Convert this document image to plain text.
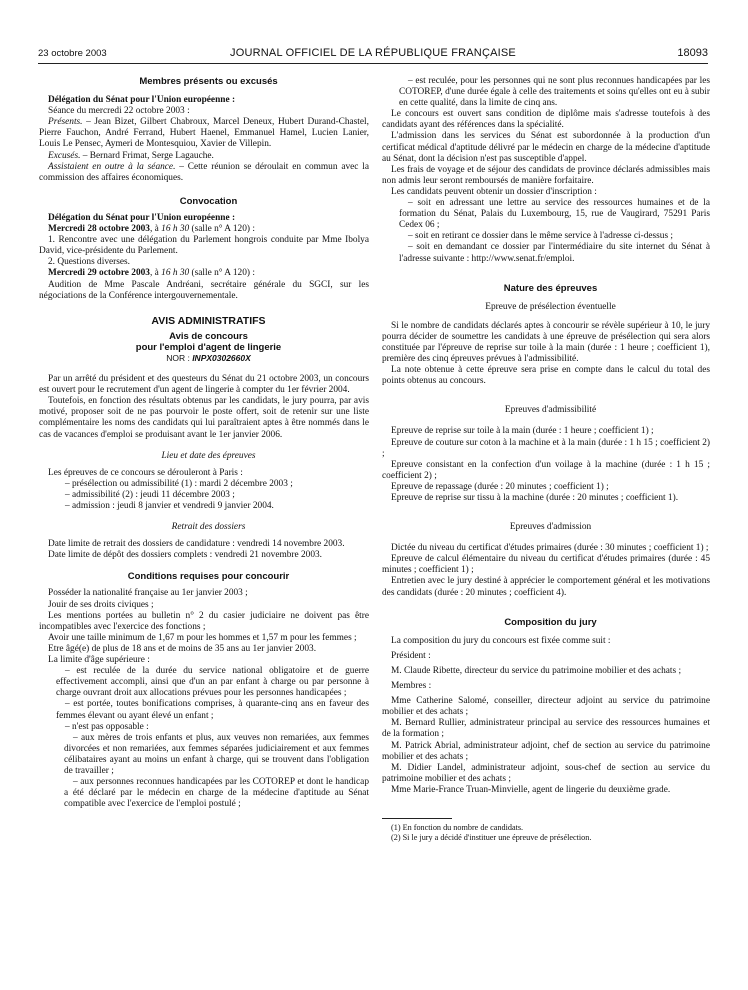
23 octobre 2003	JOURNAL OFFICIEL DE LA RÉPUBLIQUE FRANÇAISE	18093

Membres présents ou excusés

Délégation du Sénat pour l'Union européenne :

Séance du mercredi 22 octobre 2003 :

Présents. – Jean Bizet, Gilbert Chabroux, Marcel Deneux, Hubert Durand-Chastel, Pierre Fauchon, André Ferrand, Hubert Haenel, Emmanuel Hamel, Lucien Lanier, Louis Le Pensec, Aymeri de Montesquiou, Xavier de Villepin.

Excusés. – Bernard Frimat, Serge Lagauche.

Assistaient en outre à la séance. – Cette réunion se déroulait en commun avec la commission des affaires économiques.

Convocation

Délégation du Sénat pour l'Union européenne :

Mercredi 28 octobre 2003, à 16 h 30 (salle n° A 120) :

1. Rencontre avec une délégation du Parlement hongrois conduite par Mme Ibolya David, vice-présidente du Parlement.

2. Questions diverses.

Mercredi 29 octobre 2003, à 16 h 30 (salle n° A 120) :

Audition de Mme Pascale Andréani, secrétaire générale du SGCI, sur les négociations de la Conférence intergouvernementale.

AVIS ADMINISTRATIFS

Avis de concours

pour l'emploi d'agent de lingerie

NOR : INPX0302660X

Par un arrêté du président et des questeurs du Sénat du 21 octobre 2003, un concours est ouvert pour le recrutement d'un agent de lingerie à compter du 1er février 2004.

Toutefois, en fonction des résultats obtenus par les candidats, le jury pourra, par avis motivé, proposer soit de ne pas pourvoir le poste offert, soit de retenir sur une liste complémentaire les noms des candidats qui lui paraîtraient aptes à être nommés dans le cas de vacances d'emploi se produisant avant le 1er janvier 2006.

Lieu et date des épreuves

Les épreuves de ce concours se dérouleront à Paris :

– présélection ou admissibilité (1) : mardi 2 décembre 2003 ;

– admissibilité (2) : jeudi 11 décembre 2003 ;

– admission : jeudi 8 janvier et vendredi 9 janvier 2004.

Retrait des dossiers

Date limite de retrait des dossiers de candidature : vendredi 14 novembre 2003.

Date limite de dépôt des dossiers complets : vendredi 21 novembre 2003.

Conditions requises pour concourir

Posséder la nationalité française au 1er janvier 2003 ;

Jouir de ses droits civiques ;

Les mentions portées au bulletin n° 2 du casier judiciaire ne doivent pas être incompatibles avec l'exercice des fonctions ;

Avoir une taille minimum de 1,67 m pour les hommes et 1,57 m pour les femmes ;

Etre âgé(e) de plus de 18 ans et de moins de 35 ans au 1er janvier 2003.

La limite d'âge supérieure :

– est reculée de la durée du service national obligatoire et de guerre effectivement accompli, ainsi que d'un an par enfant à charge ou par personne à charge ouvrant droit aux allocations prévues pour les personnes handicapées ;

– est portée, toutes bonifications comprises, à quarante-cinq ans en faveur des femmes élevant ou ayant élevé un enfant ;

– n'est pas opposable :

– aux mères de trois enfants et plus, aux veuves non remariées, aux femmes divorcées et non remariées, aux femmes séparées judiciairement et aux femmes célibataires ayant au moins un enfant à charge, qui se trouvent dans l'obligation de travailler ;

– aux personnes reconnues handicapées par les COTOREP et dont le handicap a été déclaré par le médecin en charge de la médecine d'aptitude au Sénat compatible avec l'exercice de l'emploi postulé ;

– est reculée, pour les personnes qui ne sont plus reconnues handicapées par les COTOREP, d'une durée égale à celle des traitements et soins qu'elles ont eu à subir en cette qualité, dans la limite de cinq ans.

Le concours est ouvert sans condition de diplôme mais s'adresse toutefois à des candidats ayant des références dans la spécialité.

L'admission dans les services du Sénat est subordonnée à la production d'un certificat médical d'aptitude délivré par le médecin en charge de la médecine d'aptitude au Sénat, dont la décision n'est pas susceptible d'appel.

Les frais de voyage et de séjour des candidats de province déclarés admissibles mais non admis leur seront remboursés de manière forfaitaire.

Les candidats peuvent obtenir un dossier d'inscription :

– soit en adressant une lettre au service des ressources humaines et de la formation du Sénat, Palais du Luxembourg, 15, rue de Vaugirard, 75291 Paris Cedex 06 ;

– soit en retirant ce dossier dans le même service à l'adresse ci-dessus ;

– soit en demandant ce dossier par l'intermédiaire du site internet du Sénat à l'adresse suivante : http://www.senat.fr/emploi.

Nature des épreuves

Epreuve de présélection éventuelle

Si le nombre de candidats déclarés aptes à concourir se révèle supérieur à 10, le jury pourra décider de soumettre les candidats à une épreuve de présélection qui sera alors constituée par l'épreuve de reprise sur toile à la main (durée : 1 heure ; coefficient 1), première des cinq épreuves prévues à l'admissibilité.

La note obtenue à cette épreuve sera prise en compte dans le calcul du total des points obtenus au concours.

Epreuves d'admissibilité

Epreuve de reprise sur toile à la main (durée : 1 heure ; coefficient 1) ;

Epreuve de couture sur coton à la machine et à la main (durée : 1 h 15 ; coefficient 2) ;

Epreuve consistant en la confection d'un voilage à la machine (durée : 1 h 15 ; coefficient 2) ;

Epreuve de repassage (durée : 20 minutes ; coefficient 1) ;

Epreuve de reprise sur tissu à la machine (durée : 20 minutes ; coefficient 1).

Epreuves d'admission

Dictée du niveau du certificat d'études primaires (durée : 30 minutes ; coefficient 1) ;

Epreuve de calcul élémentaire du niveau du certificat d'études primaires (durée : 45 minutes ; coefficient 1) ;

Entretien avec le jury destiné à apprécier le comportement général et les motivations des candidats (durée : 20 minutes ; coefficient 4).

Composition du jury

La composition du jury du concours est fixée comme suit :

Président :

M. Claude Ribette, directeur du service du patrimoine mobilier et des achats ;

Membres :

Mme Catherine Salomé, conseiller, directeur adjoint au service du patrimoine mobilier et des achats ;

M. Bernard Rullier, administrateur principal au service des ressources humaines et de la formation ;

M. Patrick Abrial, administrateur adjoint, chef de section au service du patrimoine mobilier et des achats ;

M. Didier Landel, administrateur adjoint, sous-chef de section au service du patrimoine mobilier et des achats ;

Mme Marie-France Truan-Minvielle, agent de lingerie du deuxième grade.

(1) En fonction du nombre de candidats.

(2) Si le jury a décidé d'instituer une épreuve de présélection.
